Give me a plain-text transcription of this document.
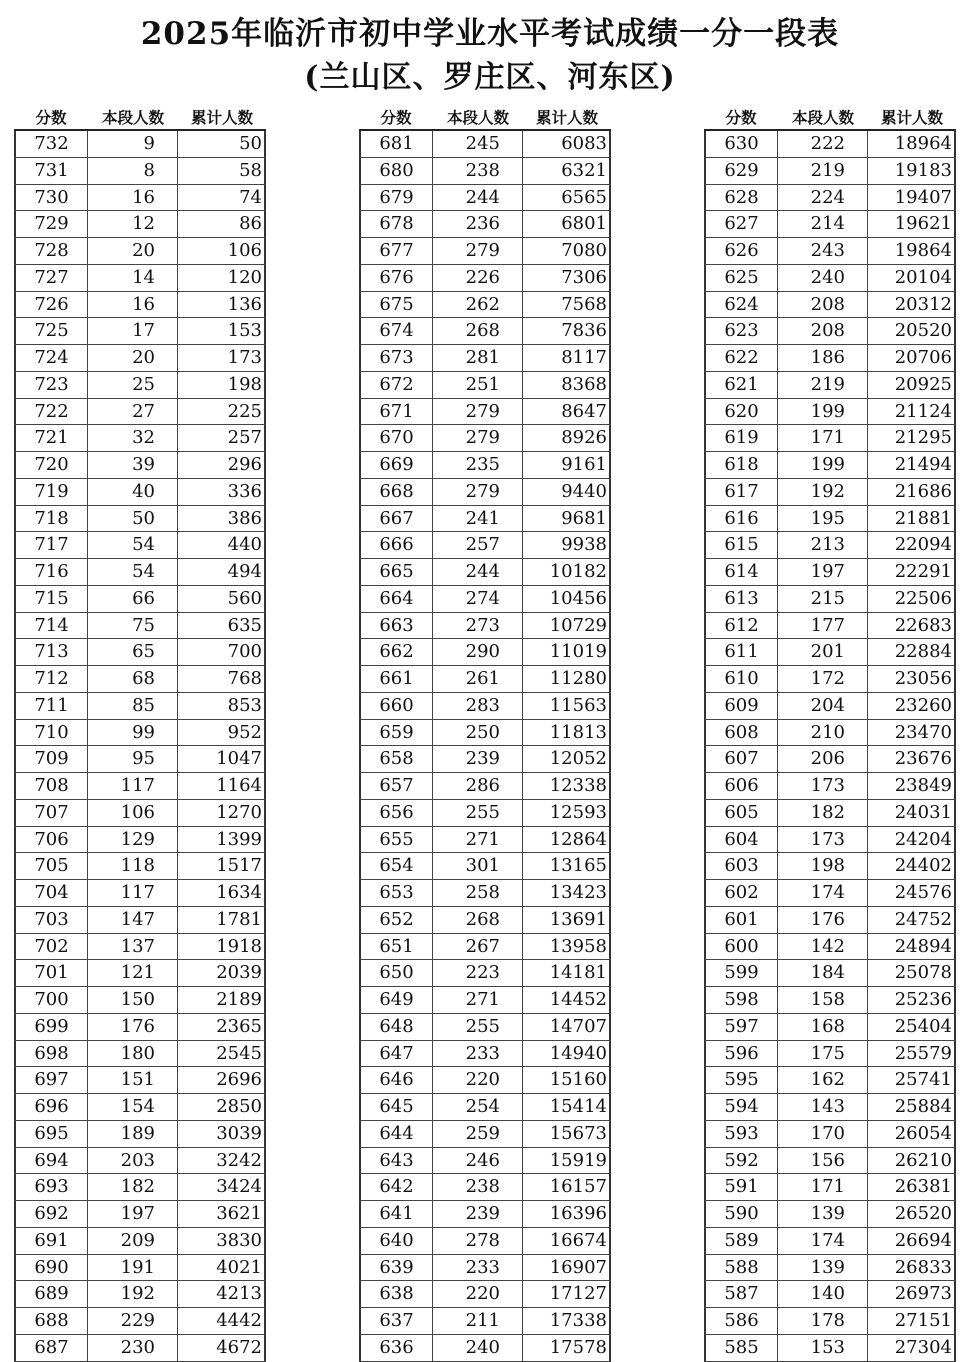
2025年临沂市初中学业水平考试成绩一分一段表
(兰山区、罗庄区、河东区)
分数	本段人数	累计人数
732	9	50
731	8	58
730	16	74
729	12	86
728	20	106
727	14	120
726	16	136
725	17	153
724	20	173
723	25	198
722	27	225
721	32	257
720	39	296
719	40	336
718	50	386
717	54	440
716	54	494
715	66	560
714	75	635
713	65	700
712	68	768
711	85	853
710	99	952
709	95	1047
708	117	1164
707	106	1270
706	129	1399
705	118	1517
704	117	1634
703	147	1781
702	137	1918
701	121	2039
700	150	2189
699	176	2365
698	180	2545
697	151	2696
696	154	2850
695	189	3039
694	203	3242
693	182	3424
692	197	3621
691	209	3830
690	191	4021
689	192	4213
688	229	4442
687	230	4672
分数	本段人数	累计人数
681	245	6083
680	238	6321
679	244	6565
678	236	6801
677	279	7080
676	226	7306
675	262	7568
674	268	7836
673	281	8117
672	251	8368
671	279	8647
670	279	8926
669	235	9161
668	279	9440
667	241	9681
666	257	9938
665	244	10182
664	274	10456
663	273	10729
662	290	11019
661	261	11280
660	283	11563
659	250	11813
658	239	12052
657	286	12338
656	255	12593
655	271	12864
654	301	13165
653	258	13423
652	268	13691
651	267	13958
650	223	14181
649	271	14452
648	255	14707
647	233	14940
646	220	15160
645	254	15414
644	259	15673
643	246	15919
642	238	16157
641	239	16396
640	278	16674
639	233	16907
638	220	17127
637	211	17338
636	240	17578
分数	本段人数	累计人数
630	222	18964
629	219	19183
628	224	19407
627	214	19621
626	243	19864
625	240	20104
624	208	20312
623	208	20520
622	186	20706
621	219	20925
620	199	21124
619	171	21295
618	199	21494
617	192	21686
616	195	21881
615	213	22094
614	197	22291
613	215	22506
612	177	22683
611	201	22884
610	172	23056
609	204	23260
608	210	23470
607	206	23676
606	173	23849
605	182	24031
604	173	24204
603	198	24402
602	174	24576
601	176	24752
600	142	24894
599	184	25078
598	158	25236
597	168	25404
596	175	25579
595	162	25741
594	143	25884
593	170	26054
592	156	26210
591	171	26381
590	139	26520
589	174	26694
588	139	26833
587	140	26973
586	178	27151
585	153	27304
